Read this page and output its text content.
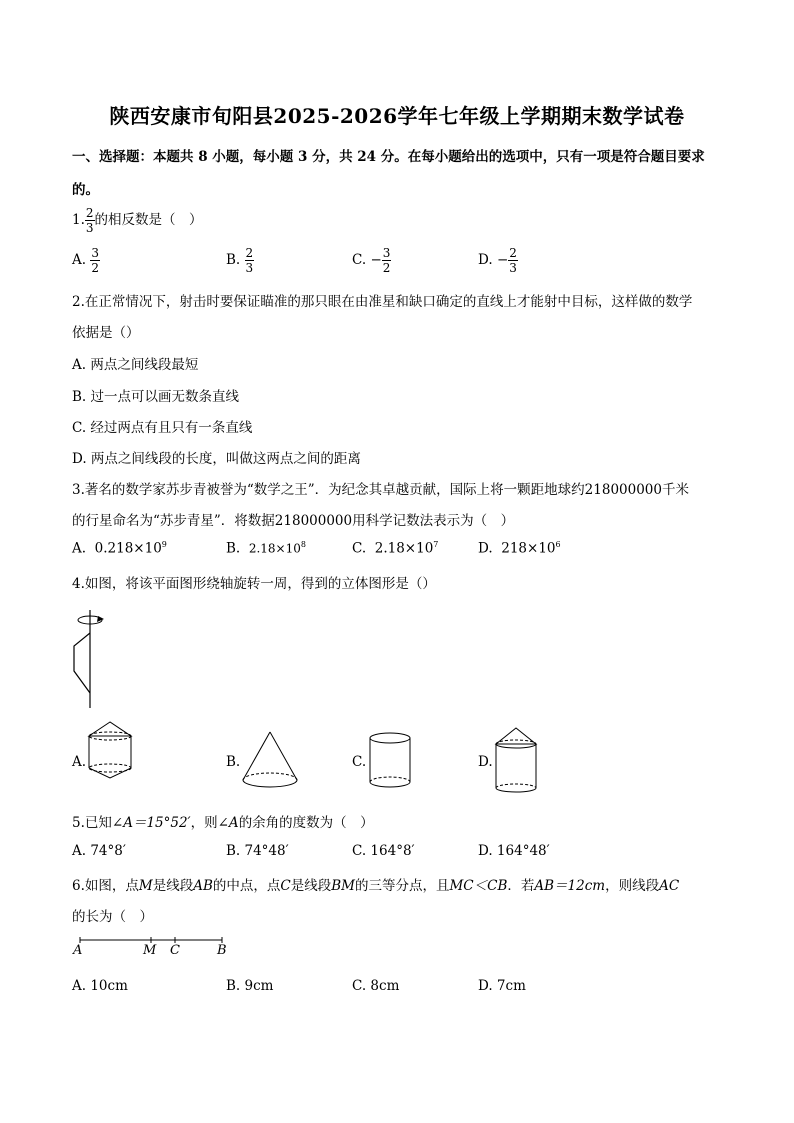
陕西安康市旬阳县2025-2026学年七年级上学期期末数学试卷
一、选择题：本题共 8 小题，每小题 3 分，共 24 分。在每小题给出的选项中，只有一项是符合题目要求
的。
1. $\frac{2}{3}$ 的相反数是（　）
A. $\frac{3}{2}$	B. $\frac{2}{3}$	C. − $\frac{3}{2}$	D. − $\frac{2}{3}$
2.在正常情况下，射击时要保证瞄准的那只眼在由准星和缺口确定的直线上才能射中目标，这样做的数学
依据是（）
A. 两点之间线段最短
B. 过一点可以画无数条直线
C. 经过两点有且只有一条直线
D. 两点之间线段的长度，叫做这两点之间的距离
3.著名的数学家苏步青被誉为“数学之王”．为纪念其卓越贡献，国际上将一颗距地球约218000000千米
的行星命名为“苏步青星”．将数据218000000用科学记数法表示为（　）
A. $0.218\times 10^9$	B. $2.18\times 10^8$	C. $2.18\times 10^7$	D. $218\times 10^6$
4.如图，将该平面图形绕轴旋转一周，得到的立体图形是（）
A.	B.	C.	D.
5.已知∠A＝15°52′，则∠A的余角的度数为（　）
A. 74°8′	B. 74°48′	C. 164°8′	D. 164°48′
6.如图，点M是线段AB的中点，点C是线段BM的三等分点，且MC＜CB．若AB＝12cm，则线段AC
的长为（　）
A	M C	B
A. 10cm	B. 9cm	C. 8cm	D. 7cm
